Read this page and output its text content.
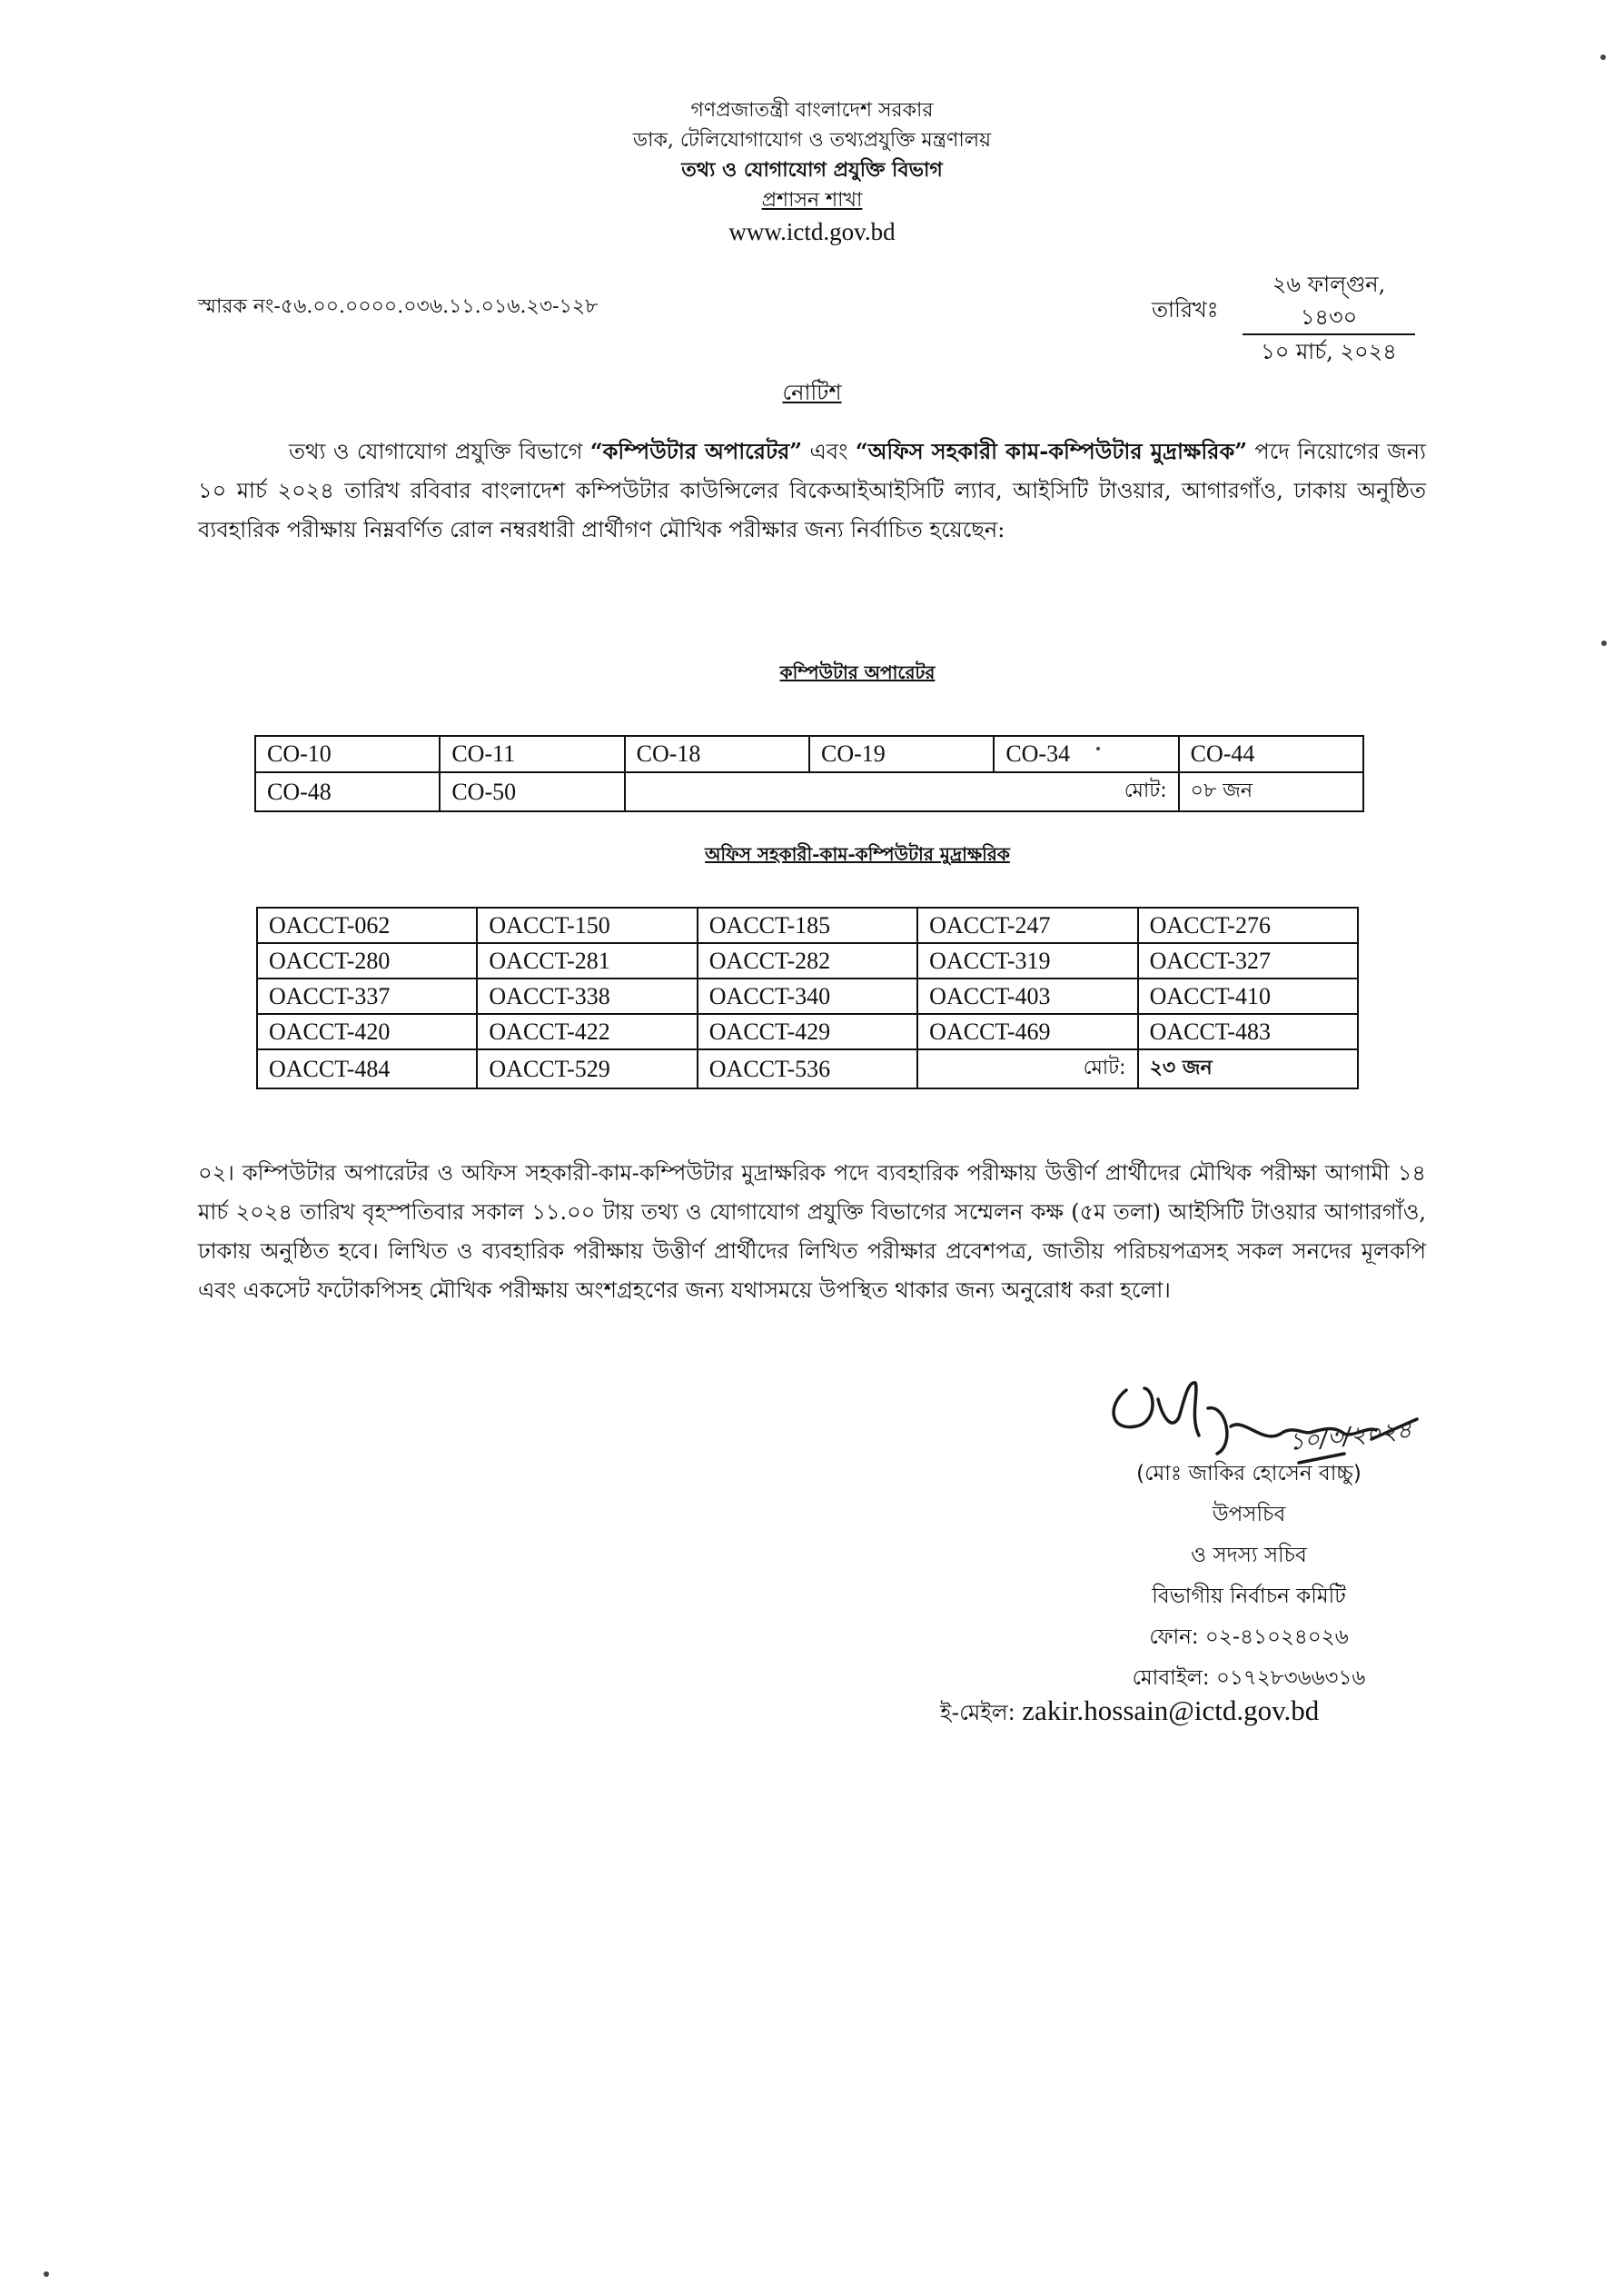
গণপ্রজাতন্ত্রী বাংলাদেশ সরকার
ডাক, টেলিযোগাযোগ ও তথ্যপ্রযুক্তি মন্ত্রণালয়
তথ্য ও যোগাযোগ প্রযুক্তি বিভাগ
প্রশাসন শাখা
www.ictd.gov.bd
স্মারক নং-৫৬.০০.০০০০.০৩৬.১১.০১৬.২৩-১২৮	তারিখঃ
২৬ ফাল্গুন, ১৪৩০
১০ মার্চ, ২০২৪
নোটিশ
তথ্য ও যোগাযোগ প্রযুক্তি বিভাগে “কম্পিউটার অপারেটর” এবং “অফিস সহকারী কাম-কম্পিউটার মুদ্রাক্ষরিক” পদে নিয়োগের জন্য ১০ মার্চ ২০২৪ তারিখ রবিবার বাংলাদেশ কম্পিউটার কাউন্সিলের বিকেআইআইসিটি ল্যাব, আইসিটি টাওয়ার, আগারগাঁও, ঢাকায় অনুষ্ঠিত ব্যবহারিক পরীক্ষায় নিম্নবর্ণিত রোল নম্বরধারী প্রার্থীগণ মৌখিক পরীক্ষার জন্য নির্বাচিত হয়েছেন:
কম্পিউটার অপারেটর
CO-10	CO-11	CO-18	CO-19	CO-34	CO-44
CO-48	CO-50	মোট:			০৮ জন
অফিস সহকারী-কাম-কম্পিউটার মুদ্রাক্ষরিক
OACCT-062	OACCT-150	OACCT-185	OACCT-247	OACCT-276
OACCT-280	OACCT-281	OACCT-282	OACCT-319	OACCT-327
OACCT-337	OACCT-338	OACCT-340	OACCT-403	OACCT-410
OACCT-420	OACCT-422	OACCT-429	OACCT-469	OACCT-483
OACCT-484	OACCT-529	OACCT-536	মোট:	২৩ জন
০২। কম্পিউটার অপারেটর ও অফিস সহকারী-কাম-কম্পিউটার মুদ্রাক্ষরিক পদে ব্যবহারিক পরীক্ষায় উত্তীর্ণ প্রার্থীদের মৌখিক পরীক্ষা আগামী ১৪ মার্চ ২০২৪ তারিখ বৃহস্পতিবার সকাল ১১.০০ টায় তথ্য ও যোগাযোগ প্রযুক্তি বিভাগের সম্মেলন কক্ষ (৫ম তলা) আইসিটি টাওয়ার আগারগাঁও, ঢাকায় অনুষ্ঠিত হবে। লিখিত ও ব্যবহারিক পরীক্ষায় উত্তীর্ণ প্রার্থীদের লিখিত পরীক্ষার প্রবেশপত্র, জাতীয় পরিচয়পত্রসহ সকল সনদের মূলকপি এবং একসেট ফটোকপিসহ মৌখিক পরীক্ষায় অংশগ্রহণের জন্য যথাসময়ে উপস্থিত থাকার জন্য অনুরোধ করা হলো।
১০/৩/২০২৪
(মোঃ জাকির হোসেন বাচ্চু)
উপসচিব
ও সদস্য সচিব
বিভাগীয় নির্বাচন কমিটি
ফোন: ০২-৪১০২৪০২৬
মোবাইল: ০১৭২৮৩৬৬৩১৬
ই-মেইল: zakir.hossain@ictd.gov.bd
